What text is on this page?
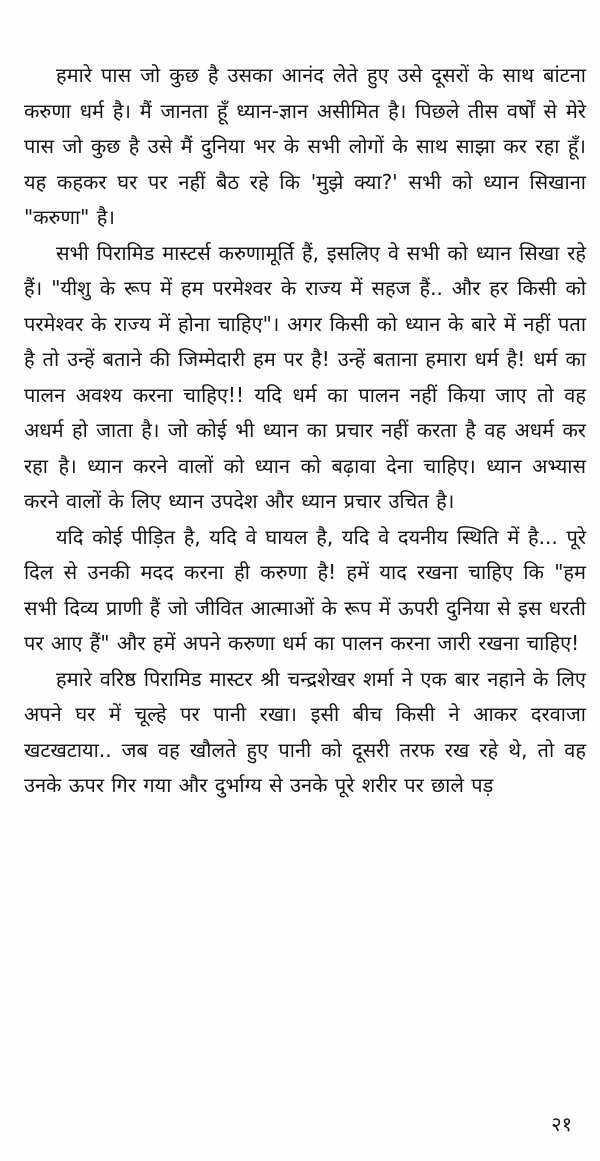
हमारे पास जो कुछ है उसका आनंद लेते हुए उसे दूसरों के साथ बांटना करुणा धर्म है। मैं जानता हूँ ध्यान-ज्ञान असीमित है। पिछले तीस वर्षों से मेरे पास जो कुछ है उसे मैं दुनिया भर के सभी लोगों के साथ साझा कर रहा हूँ। यह कहकर घर पर नहीं बैठ रहे कि 'मुझे क्या?' सभी को ध्यान सिखाना "करुणा" है।

सभी पिरामिड मास्टर्स करुणामूर्ति हैं, इसलिए वे सभी को ध्यान सिखा रहे हैं। "यीशु के रूप में हम परमेश्वर के राज्य में सहज हैं.. और हर किसी को परमेश्वर के राज्य में होना चाहिए"। अगर किसी को ध्यान के बारे में नहीं पता है तो उन्हें बताने की जिम्मेदारी हम पर है! उन्हें बताना हमारा धर्म है! धर्म का पालन अवश्य करना चाहिए!! यदि धर्म का पालन नहीं किया जाए तो वह अधर्म हो जाता है। जो कोई भी ध्यान का प्रचार नहीं करता है वह अधर्म कर रहा है। ध्यान करने वालों को ध्यान को बढ़ावा देना चाहिए। ध्यान अभ्यास करने वालों के लिए ध्यान उपदेश और ध्यान प्रचार उचित है।

यदि कोई पीड़ित है, यदि वे घायल है, यदि वे दयनीय स्थिति में है... पूरे दिल से उनकी मदद करना ही करुणा है! हमें याद रखना चाहिए कि "हम सभी दिव्य प्राणी हैं जो जीवित आत्माओं के रूप में ऊपरी दुनिया से इस धरती पर आए हैं" और हमें अपने करुणा धर्म का पालन करना जारी रखना चाहिए!

हमारे वरिष्ठ पिरामिड मास्टर श्री चन्द्रशेखर शर्मा ने एक बार नहाने के लिए अपने घर में चूल्हे पर पानी रखा। इसी बीच किसी ने आकर दरवाजा खटखटाया.. जब वह खौलते हुए पानी को दूसरी तरफ रख रहे थे, तो वह उनके ऊपर गिर गया और दुर्भाग्य से उनके पूरे शरीर पर छाले पड़

२१
